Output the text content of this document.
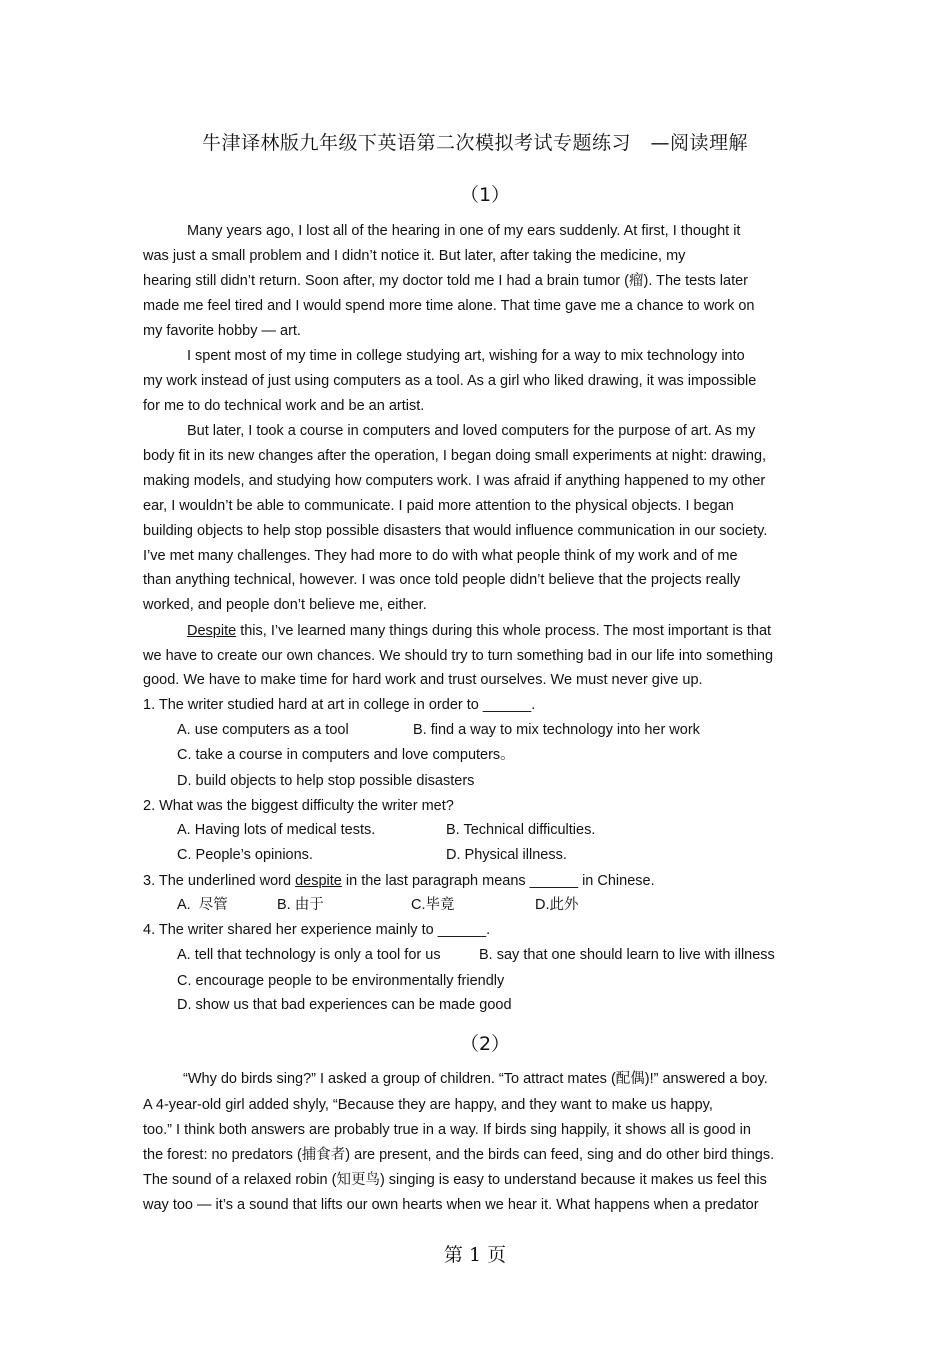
牛津译林版九年级下英语第二次模拟考试专题练习　—阅读理解
（1）
Many years ago, I lost all of the hearing in one of my ears suddenly. At first, I thought it
was just a small problem and I didn’t notice it. But later, after taking the medicine, my
hearing still didn’t return. Soon after, my doctor told me I had a brain tumor (瘤). The tests later
made me feel tired and I would spend more time alone. That time gave me a chance to work on
my favorite hobby — art.
I spent most of my time in college studying art, wishing for a way to mix technology into
my work instead of just using computers as a tool. As a girl who liked drawing, it was impossible
for me to do technical work and be an artist.
But later, I took a course in computers and loved computers for the purpose of art. As my
body fit in its new changes after the operation, I began doing small experiments at night: drawing,
making models, and studying how computers work. I was afraid if anything happened to my other
ear, I wouldn’t be able to communicate. I paid more attention to the physical objects. I began
building objects to help stop possible disasters that would influence communication in our society.
I’ve met many challenges. They had more to do with what people think of my work and of me
than anything technical, however. I was once told people didn’t believe that the projects really
worked, and people don’t believe me, either.
Despite this, I’ve learned many things during this whole process. The most important is that
we have to create our own chances. We should try to turn something bad in our life into something
good. We have to make time for hard work and trust ourselves. We must never give up.
1. The writer studied hard at art in college in order to ______.
A. use computers as a tool	B. find a way to mix technology into her work
C. take a course in computers and love computers。
D. build objects to help stop possible disasters
2. What was the biggest difficulty the writer met?
A. Having lots of medical tests.	B. Technical difficulties.
C. People’s opinions.	D. Physical illness.
3. The underlined word despite in the last paragraph means ______ in Chinese.
A.  尽管	B. 由于	C.毕竟	D.此外
4. The writer shared her experience mainly to ______.
A. tell that technology is only a tool for us	B. say that one should learn to live with illness
C. encourage people to be environmentally friendly
D. show us that bad experiences can be made good
（2）
“Why do birds sing?” I asked a group of children. “To attract mates (配偶)!” answered a boy.
A 4-year-old girl added shyly, “Because they are happy, and they want to make us happy,
too.” I think both answers are probably true in a way. If birds sing happily, it shows all is good in
the forest: no predators (捕食者) are present, and the birds can feed, sing and do other bird things.
The sound of a relaxed robin (知更鸟) singing is easy to understand because it makes us feel this
way too — it’s a sound that lifts our own hearts when we hear it. What happens when a predator
第 1 页
